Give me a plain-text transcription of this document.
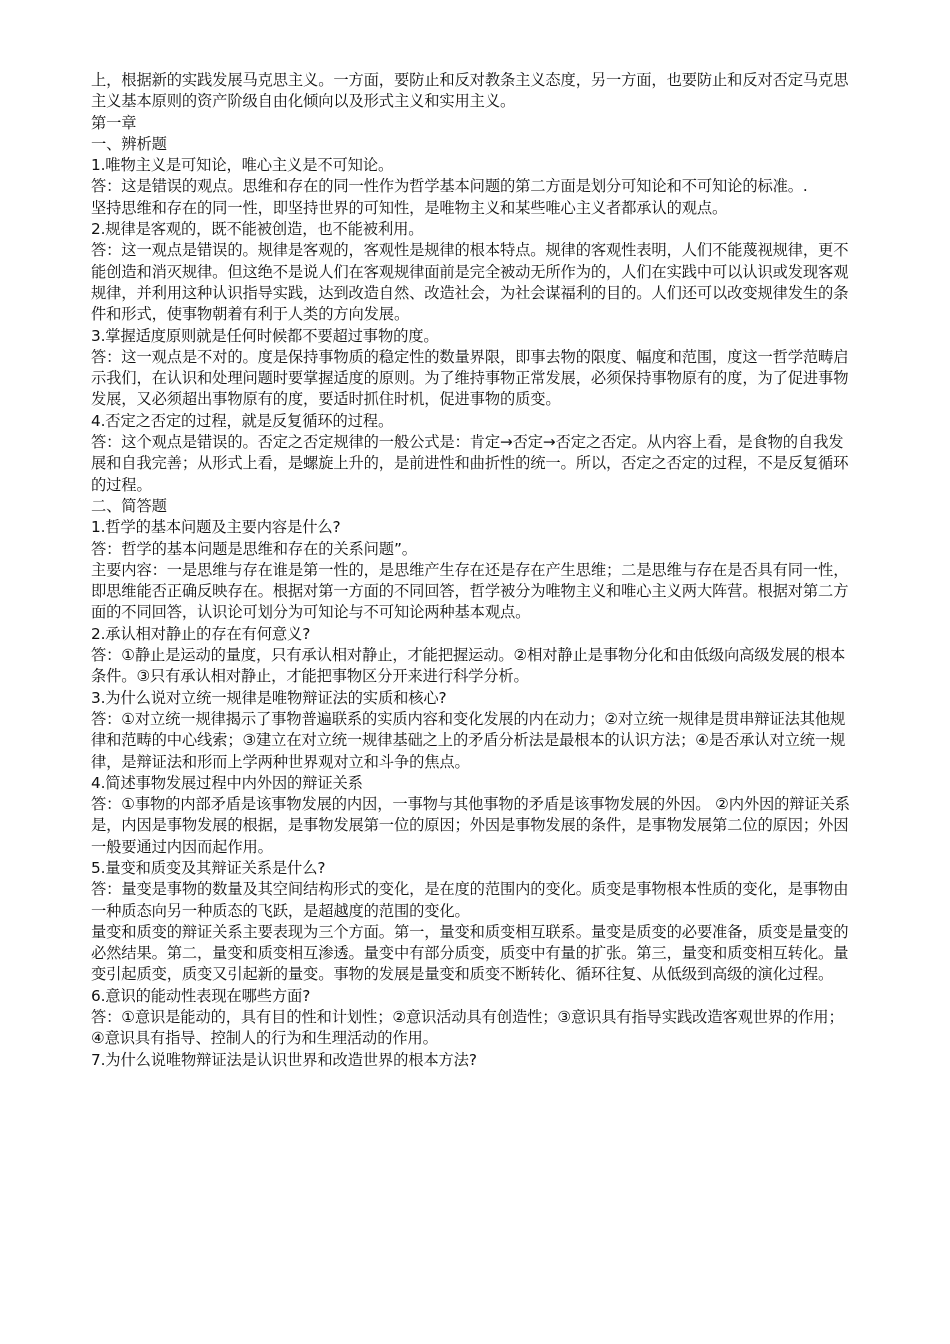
上，根据新的实践发展马克思主义。一方面，要防止和反对教条主义态度，另一方面，也要防止和反对否定马克思主义基本原则的资产阶级自由化倾向以及形式主义和实用主义。

第一章

一、辨析题

1.唯物主义是可知论，唯心主义是不可知论。

答：这是错误的观点。思维和存在的同一性作为哲学基本问题的第二方面是划分可知论和不可知论的标准。.

坚持思维和存在的同一性，即坚持世界的可知性，是唯物主义和某些唯心主义者都承认的观点。

2.规律是客观的，既不能被创造，也不能被利用。

答：这一观点是错误的。规律是客观的，客观性是规律的根本特点。规律的客观性表明，人们不能蔑视规律，更不能创造和消灭规律。但这绝不是说人们在客观规律面前是完全被动无所作为的，人们在实践中可以认识或发现客观规律，并利用这种认识指导实践，达到改造自然、改造社会，为社会谋福利的目的。人们还可以改变规律发生的条件和形式，使事物朝着有利于人类的方向发展。

3.掌握适度原则就是任何时候都不要超过事物的度。

答：这一观点是不对的。度是保持事物质的稳定性的数量界限，即事去物的限度、幅度和范围，度这一哲学范畴启示我们，在认识和处理问题时要掌握适度的原则。为了维持事物正常发展，必须保持事物原有的度，为了促进事物发展，又必须超出事物原有的度，要适时抓住时机，促进事物的质变。

4.否定之否定的过程，就是反复循环的过程。

答：这个观点是错误的。否定之否定规律的一般公式是：肯定→否定→否定之否定。从内容上看，是食物的自我发展和自我完善；从形式上看，是螺旋上升的，是前进性和曲折性的统一。所以，否定之否定的过程，不是反复循环的过程。

二、简答题

1.哲学的基本问题及主要内容是什么?

答：哲学的基本问题是思维和存在的关系问题”。

主要内容：一是思维与存在谁是第一性的，是思维产生存在还是存在产生思维；二是思维与存在是否具有同一性，即思维能否正确反映存在。根据对第一方面的不同回答，哲学被分为唯物主义和唯心主义两大阵营。根据对第二方面的不同回答，认识论可划分为可知论与不可知论两种基本观点。

2.承认相对静止的存在有何意义?

答：①静止是运动的量度，只有承认相对静止，才能把握运动。②相对静止是事物分化和由低级向高级发展的根本条件。③只有承认相对静止，才能把事物区分开来进行科学分析。

3.为什么说对立统一规律是唯物辩证法的实质和核心?

答：①对立统一规律揭示了事物普遍联系的实质内容和变化发展的内在动力；②对立统一规律是贯串辩证法其他规律和范畴的中心线索；③建立在对立统一规律基础之上的矛盾分析法是最根本的认识方法；④是否承认对立统一规律，是辩证法和形而上学两种世界观对立和斗争的焦点。

4.简述事物发展过程中内外因的辩证关系

答：①事物的内部矛盾是该事物发展的内因，一事物与其他事物的矛盾是该事物发展的外因。 ②内外因的辩证关系是，内因是事物发展的根据，是事物发展第一位的原因；外因是事物发展的条件，是事物发展第二位的原因；外因一般要通过内因而起作用。

5.量变和质变及其辩证关系是什么?

答：量变是事物的数量及其空间结构形式的变化，是在度的范围内的变化。质变是事物根本性质的变化，是事物由一种质态向另一种质态的飞跃，是超越度的范围的变化。

量变和质变的辩证关系主要表现为三个方面。第一，量变和质变相互联系。量变是质变的必要准备，质变是量变的必然结果。第二，量变和质变相互渗透。量变中有部分质变，质变中有量的扩张。第三，量变和质变相互转化。量变引起质变，质变又引起新的量变。事物的发展是量变和质变不断转化、循环往复、从低级到高级的演化过程。

6.意识的能动性表现在哪些方面?

答：①意识是能动的，具有目的性和计划性；②意识活动具有创造性；③意识具有指导实践改造客观世界的作用；④意识具有指导、控制人的行为和生理活动的作用。

7.为什么说唯物辩证法是认识世界和改造世界的根本方法?
